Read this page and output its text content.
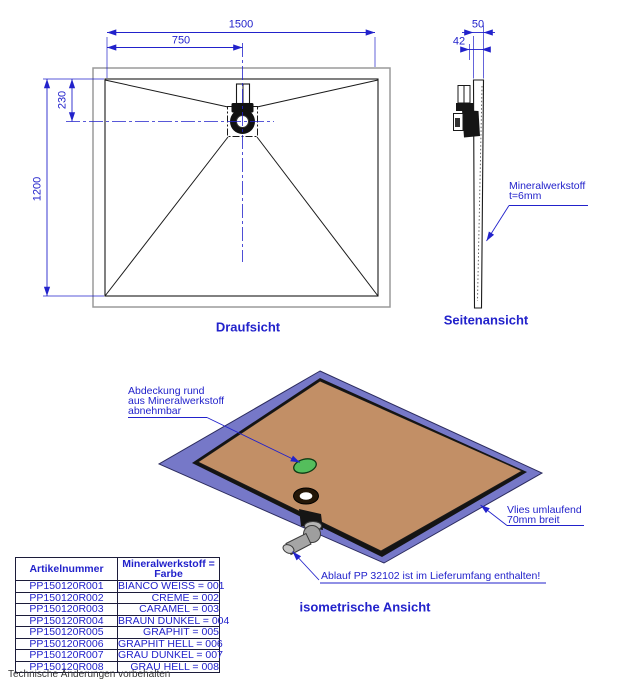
1500
750
230
1200
Draufsicht
50
42
Mineralwerkstoff
t=6mm
Seitenansicht
Abdeckung rund
aus Mineralwerkstoff
abnehmbar
Vlies umlaufend
70mm breit
Ablauf PP 32102 ist im Lieferumfang enthalten!
isometrische Ansicht
Artikelnummer	Mineralwerkstoff =
Farbe
PP150120R001	BIANCO WEISS = 001
PP150120R002	CREME = 002
PP150120R003	CARAMEL = 003
PP150120R004	BRAUN DUNKEL = 004
PP150120R005	GRAPHIT = 005
PP150120R006	GRAPHIT HELL = 006
PP150120R007	GRAU DUNKEL = 007
PP150120R008	GRAU HELL = 008
Technische Änderungen vorbehalten
